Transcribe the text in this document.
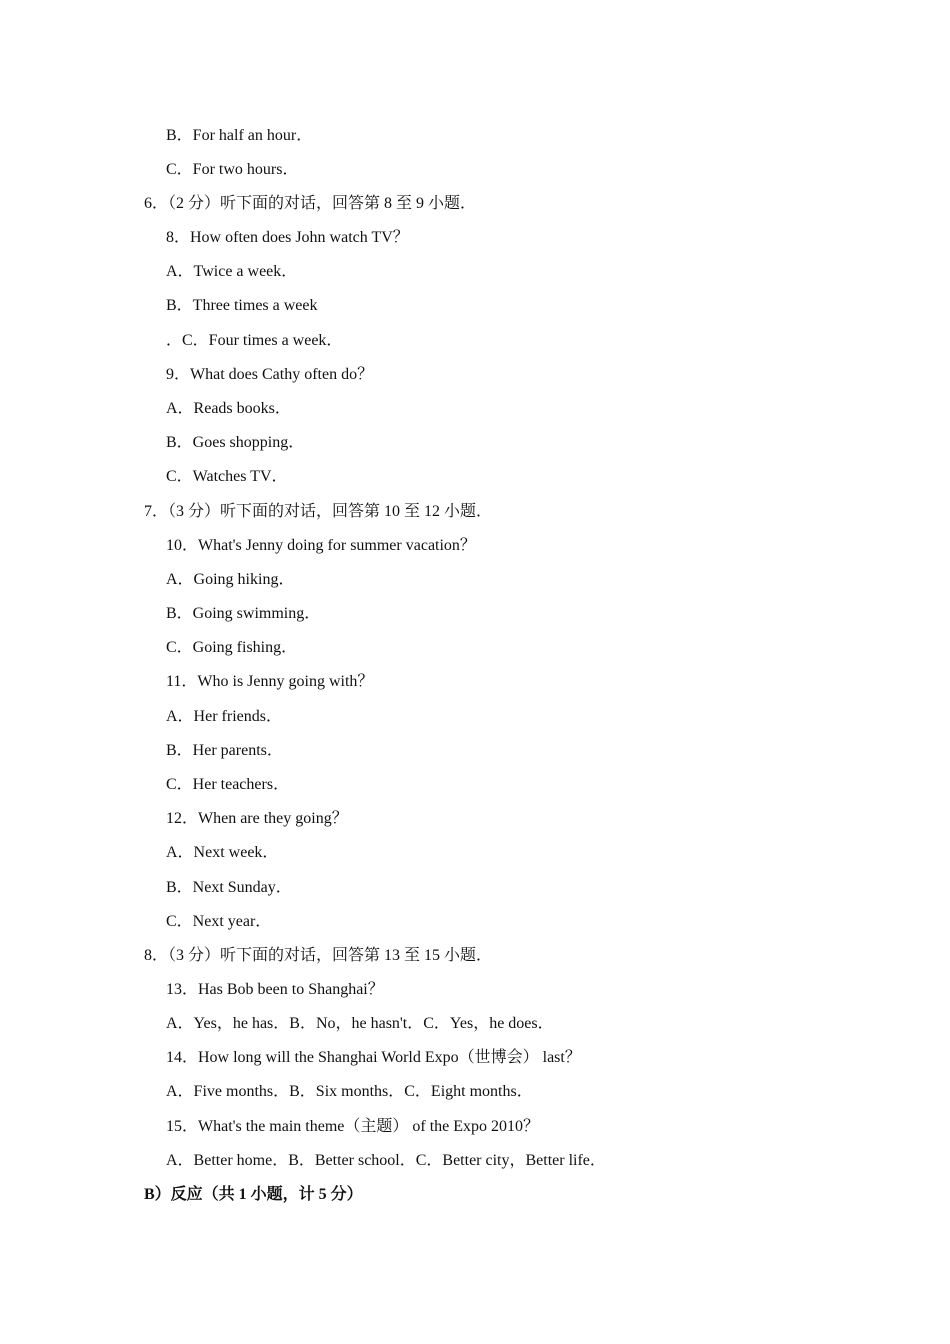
B．For half an hour．
C．For two hours．
6．（2 分）听下面的对话，回答第 8 至 9 小题．
8．How often does John watch TV？
A．Twice a week．
B．Three times a week
．C．Four times a week．
9．What does Cathy often do？
A．Reads books．
B．Goes shopping．
C．Watches TV．
7．（3 分）听下面的对话，回答第 10 至 12 小题．
10．What's Jenny doing for summer vacation？
A．Going hiking．
B．Going swimming．
C．Going fishing．
11．Who is Jenny going with？
A．Her friends．
B．Her parents．
C．Her teachers．
12．When are they going？
A．Next week．
B．Next Sunday．
C．Next year．
8．（3 分）听下面的对话，回答第 13 至 15 小题．
13．Has Bob been to Shanghai？
A．Yes，he has．B．No，he hasn't．C．Yes，he does．
14．How long will the Shanghai World Expo（世博会） last？
A．Five months．B．Six months．C．Eight months．
15．What's the main theme（主题） of the Expo 2010？
A．Better home．B．Better school．C．Better city，Better life．
B）反应（共 1 小题，计 5 分）
